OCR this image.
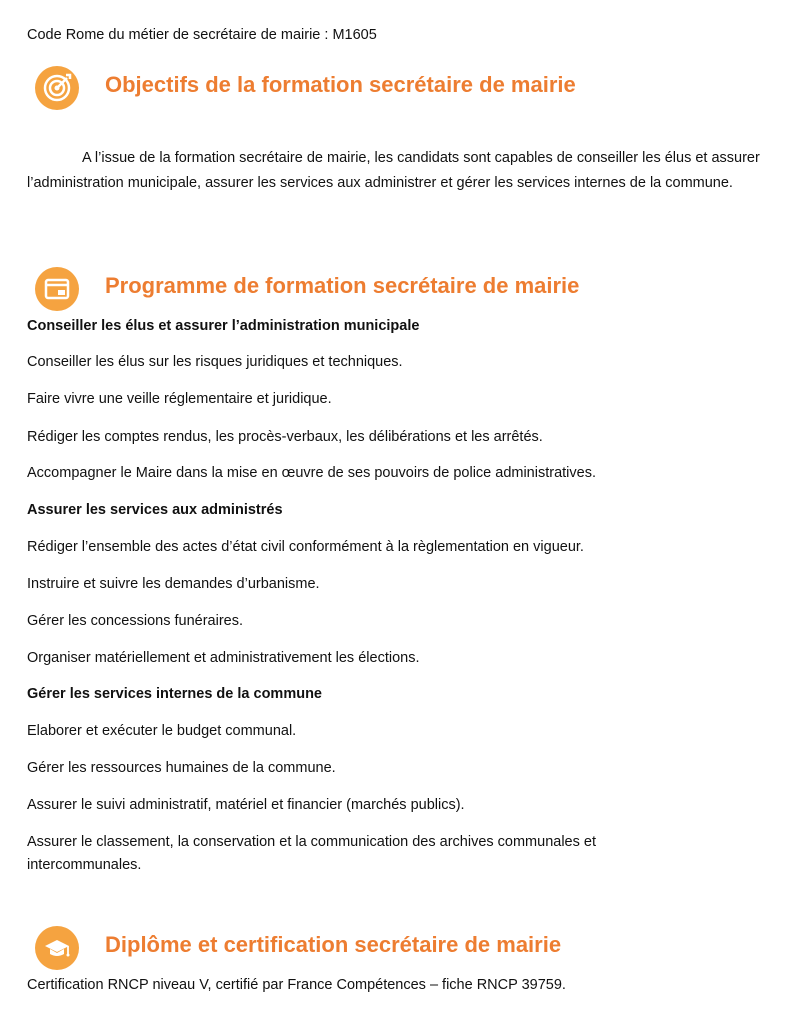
Code Rome du métier de secrétaire de mairie : M1605
Objectifs de la formation secrétaire de mairie
A l’issue de la formation secrétaire de mairie, les candidats sont capables de conseiller les élus et assurer l’administration municipale, assurer les services aux administrer et gérer les services internes de la commune.
Programme de formation secrétaire de mairie
Conseiller les élus et assurer l’administration municipale
Conseiller les élus sur les risques juridiques et techniques.
Faire vivre une veille réglementaire et juridique.
Rédiger les comptes rendus, les procès-verbaux, les délibérations et les arrêtés.
Accompagner le Maire dans la mise en œuvre de ses pouvoirs de police administratives.
Assurer les services aux administrés
Rédiger l’ensemble des actes d’état civil conformément à la règlementation en vigueur.
Instruire et suivre les demandes d’urbanisme.
Gérer les concessions funéraires.
Organiser matériellement et administrativement les élections.
Gérer les services internes de la commune
Elaborer et exécuter le budget communal.
Gérer les ressources humaines de la commune.
Assurer le suivi administratif, matériel et financier (marchés publics).
Assurer le classement, la conservation et la communication des archives communales et
intercommunales.
Diplôme et certification secrétaire de mairie
Certification RNCP niveau V, certifié par France Compétences – fiche RNCP 39759.
